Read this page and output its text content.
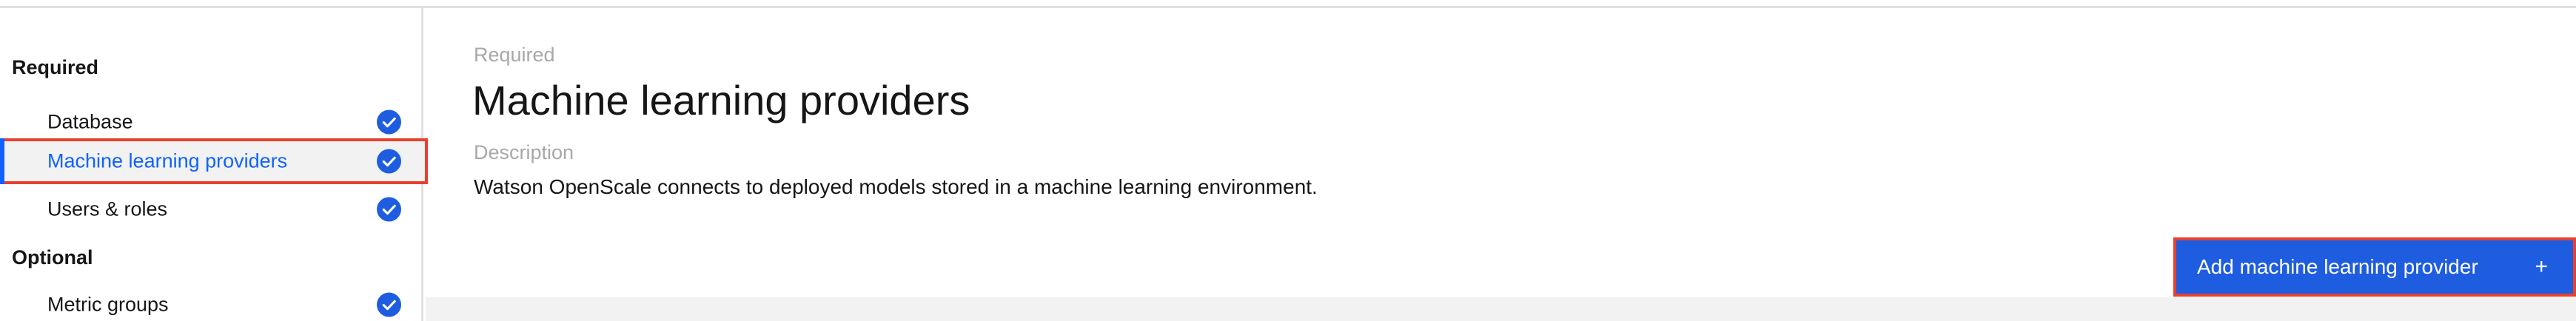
Required
Database
Machine learning providers
Users & roles
Optional
Metric groups
Required
Machine learning providers
Description
Watson OpenScale connects to deployed models stored in a machine learning environment.
Add machine learning provider	+
